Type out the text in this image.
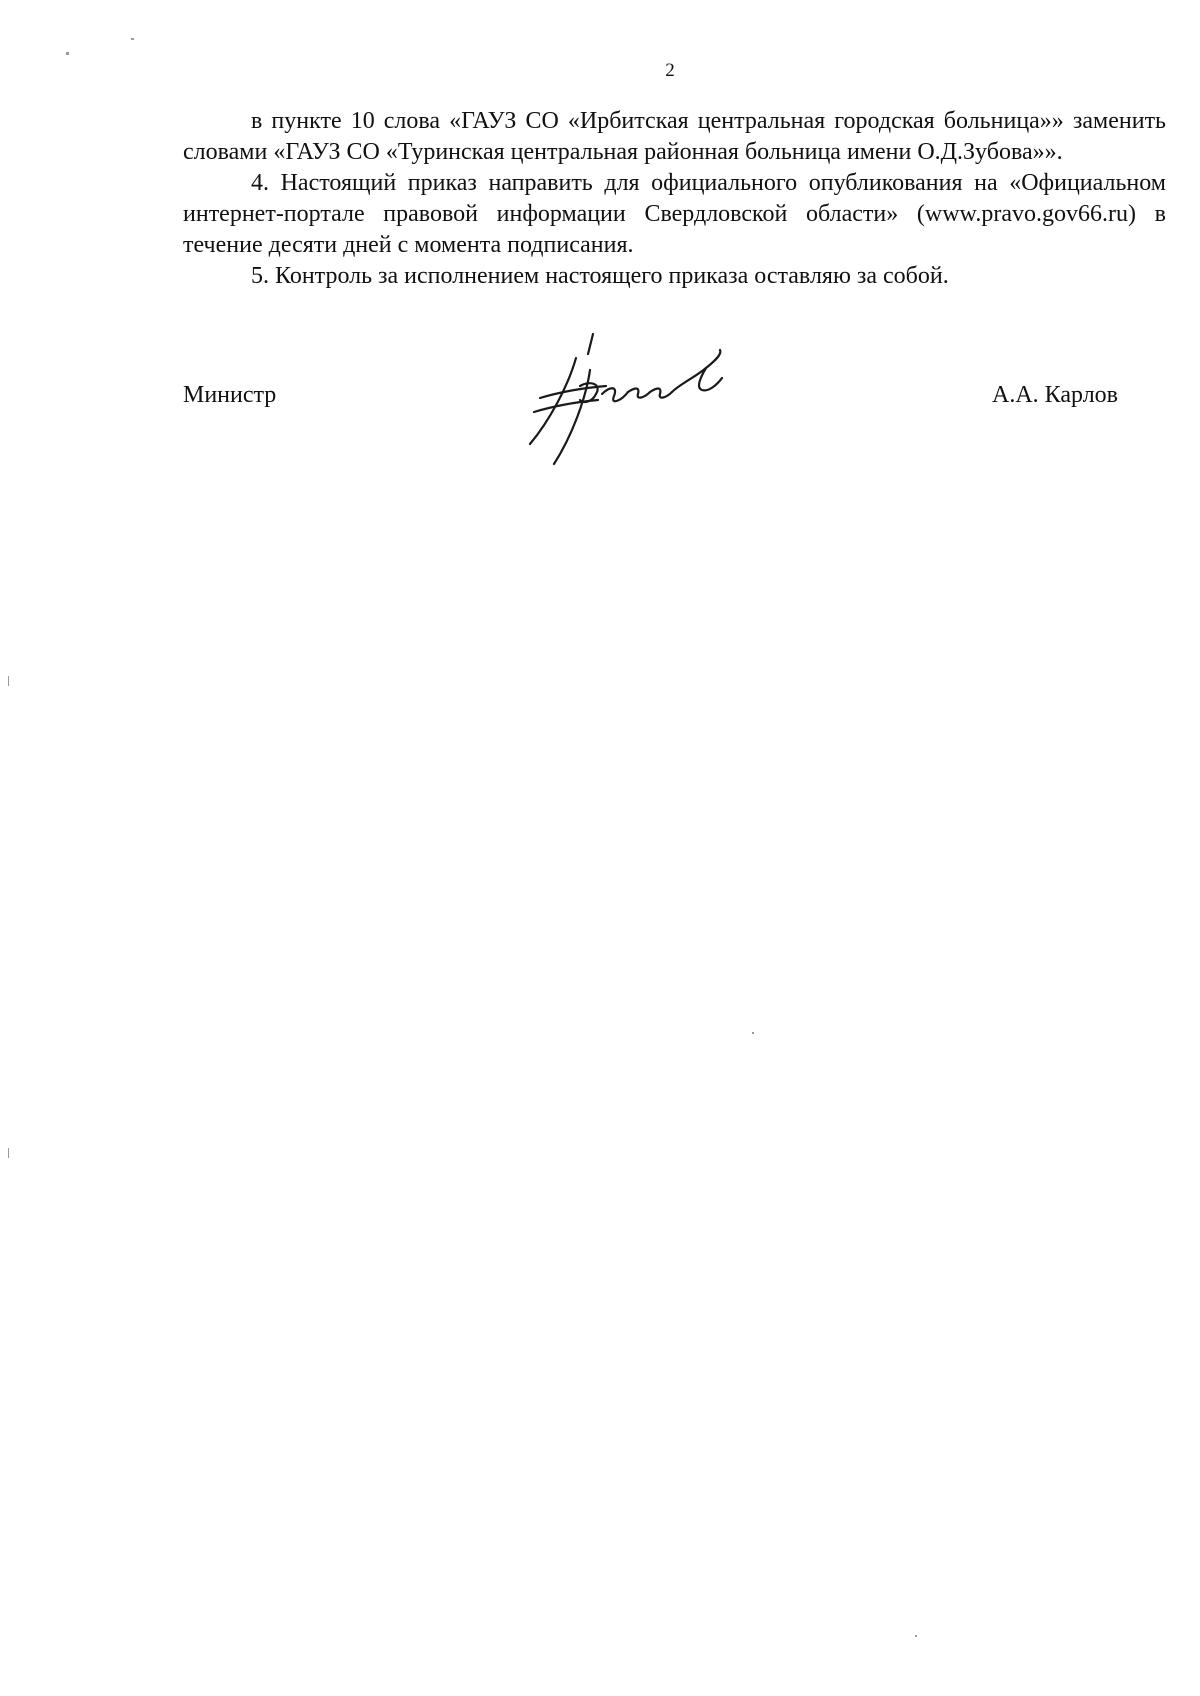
2

в пункте 10 слова «ГАУЗ СО «Ирбитская центральная городская больница»» заменить словами «ГАУЗ СО «Туринская центральная районная больница имени О.Д.Зубова»».

4. Настоящий приказ направить для официального опубликования на «Официальном интернет-портале правовой информации Свердловской области» (www.pravo.gov66.ru) в течение десяти дней с момента подписания.

5. Контроль за исполнением настоящего приказа оставляю за собой.

Министр	А.А. Карлов
